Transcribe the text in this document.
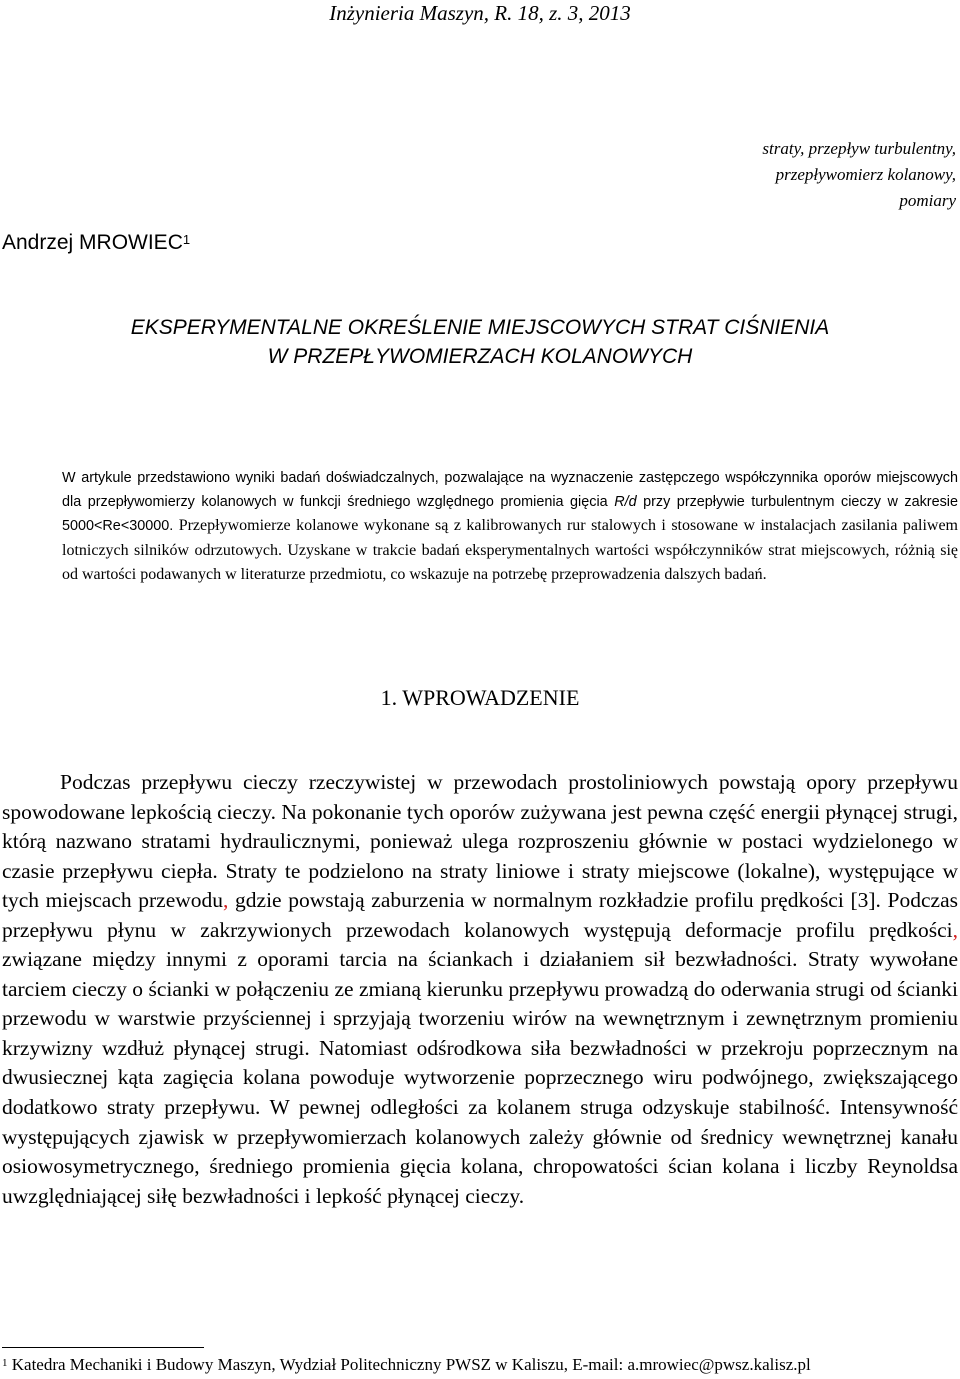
Inżynieria Maszyn, R. 18, z. 3, 2013
straty, przepływ turbulentny,
przepływomierz kolanowy,
pomiary
Andrzej MROWIEC$^1$
EKSPERYMENTALNE OKREŚLENIE MIEJSCOWYCH STRAT CIŚNIENIA
W PRZEPŁYWOMIERZACH KOLANOWYCH

W artykule przedstawiono wyniki badań doświadczalnych, pozwalające na wyznaczenie zastępczego współczynnika oporów miejscowych dla przepływomierzy kolanowych w funkcji średniego względnego promienia gięcia R/d przy przepływie turbulentnym cieczy w zakresie 5000<Re<30000. Przepływomierze kolanowe wykonane są z kalibrowanych rur stalowych i stosowane w instalacjach zasilania paliwem lotniczych silników odrzutowych. Uzyskane w trakcie badań eksperymentalnych wartości współczynników strat miejscowych, różnią się od wartości podawanych w literaturze przedmiotu, co wskazuje na potrzebę przeprowadzenia dalszych badań.

1. WPROWADZENIE

Podczas przepływu cieczy rzeczywistej w przewodach prostoliniowych powstają opory przepływu spowodowane lepkością cieczy. Na pokonanie tych oporów zużywana jest pewna część energii płynącej strugi, którą nazwano stratami hydraulicznymi, ponieważ ulega rozproszeniu głównie w postaci wydzielonego w czasie przepływu ciepła. Straty te podzielono na straty liniowe i straty miejscowe (lokalne), występujące w tych miejscach przewodu, gdzie powstają zaburzenia w normalnym rozkładzie profilu prędkości [3]. Podczas przepływu płynu w zakrzywionych przewodach kolanowych występują deformacje profilu prędkości, związane między innymi z oporami tarcia na ściankach i działaniem sił bezwładności. Straty wywołane tarciem cieczy o ścianki w połączeniu ze zmianą kierunku przepływu prowadzą do oderwania strugi od ścianki przewodu w warstwie przyściennej i sprzyjają tworzeniu wirów na wewnętrznym i zewnętrznym promieniu krzywizny wzdłuż płynącej strugi. Natomiast odśrodkowa siła bezwładności w przekroju poprzecznym na dwusiecznej kąta zagięcia kolana powoduje wytworzenie poprzecznego wiru podwójnego, zwiększającego dodatkowo straty przepływu. W pewnej odległości za kolanem struga odzyskuje stabilność. Intensywność występujących zjawisk w przepływomierzach kolanowych zależy głównie od średnicy wewnętrznej kanału osiowosymetrycznego, średniego promienia gięcia kolana, chropowatości ścian kolana i liczby Reynoldsa uwzględniającej siłę bezwładności i lepkość płynącej cieczy.

$^1$ Katedra Mechaniki i Budowy Maszyn, Wydział Politechniczny PWSZ w Kaliszu, E-mail: a.mrowiec@pwsz.kalisz.pl
